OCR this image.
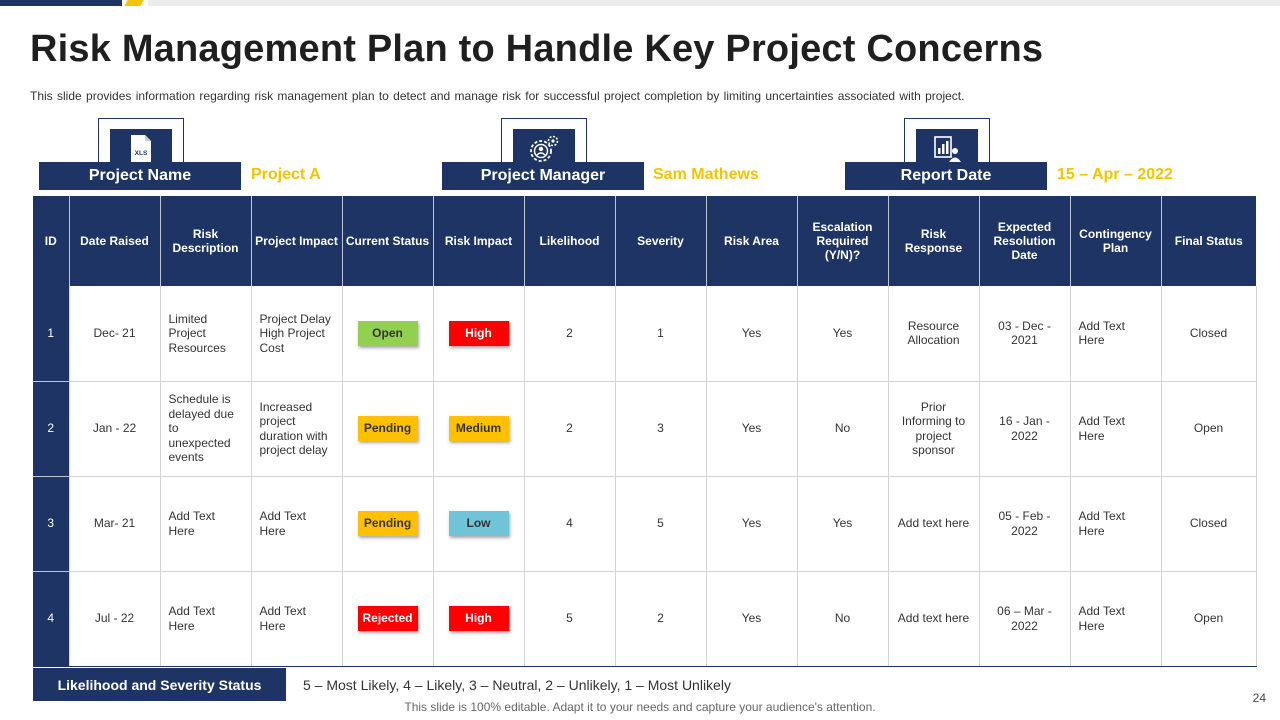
Risk Management Plan to Handle Key Project Concerns

This slide provides information regarding risk management plan to detect and manage risk for successful project completion by limiting uncertainties associated with project.

XLS
Project Name	Project A	Project Manager	Sam Mathews	Report Date	15 – Apr – 2022
ID	Date Raised	Risk Description	Project Impact	Current Status	Risk Impact	Likelihood	Severity	Risk Area	Escalation Required (Y/N)?	Risk Response	Expected Resolution Date	Contingency Plan	Final Status
1	Dec- 21	Limited Project Resources	Project Delay High Project Cost	Open	High	2	1	Yes	Yes	Resource Allocation	03 - Dec - 2021	Add Text Here	Closed
2	Jan - 22	Schedule is delayed due to unexpected events	Increased project duration with project delay	Pending	Medium	2	3	Yes	No	Prior Informing to project sponsor	16 - Jan - 2022	Add Text Here	Open
3	Mar- 21	Add Text Here	Add Text Here	Pending	Low	4	5	Yes	Yes	Add text here	05 - Feb - 2022	Add Text Here	Closed
4	Jul - 22	Add Text Here	Add Text Here	Rejected	High	5	2	Yes	No	Add text here	06 – Mar - 2022	Add Text Here	Open
Likelihood and Severity Status	5 – Most Likely, 4 – Likely, 3 – Neutral, 2 – Unlikely, 1 – Most Unlikely
This slide is 100% editable. Adapt it to your needs and capture your audience's attention.
24
